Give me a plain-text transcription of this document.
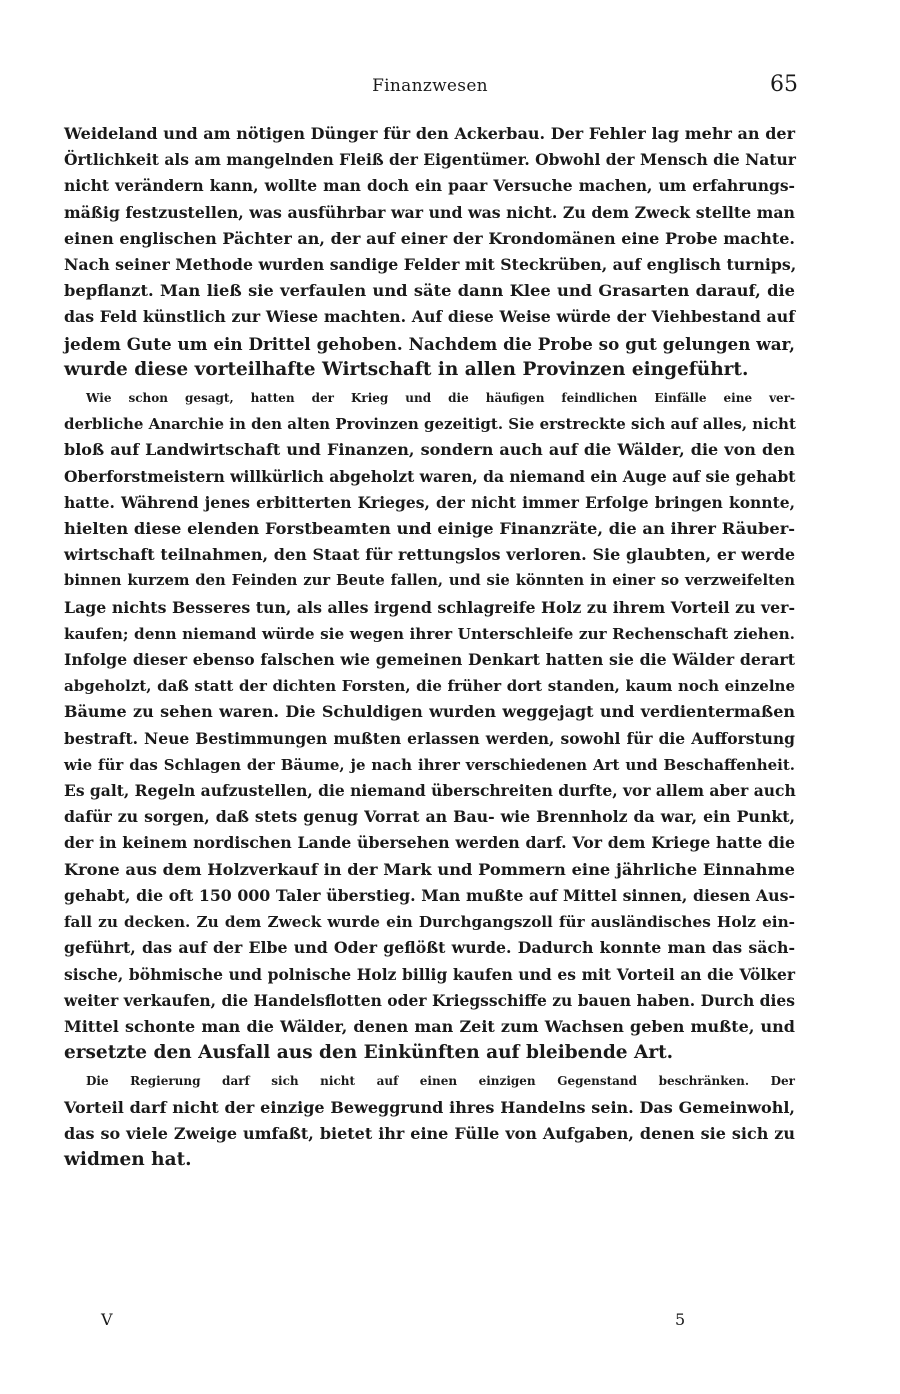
Finanzwesen	65
Weideland und am nötigen Dünger für den Ackerbau. Der Fehler lag mehr an der
Örtlichkeit als am mangelnden Fleiß der Eigentümer. Obwohl der Mensch die Natur
nicht verändern kann, wollte man doch ein paar Versuche machen, um erfahrungs-
mäßig festzustellen, was ausführbar war und was nicht. Zu dem Zweck stellte man
einen englischen Pächter an, der auf einer der Krondomänen eine Probe machte.
Nach seiner Methode wurden sandige Felder mit Steckrüben, auf englisch turnips,
bepflanzt. Man ließ sie verfaulen und säte dann Klee und Grasarten darauf, die
das Feld künstlich zur Wiese machten. Auf diese Weise würde der Viehbestand auf
jedem Gute um ein Drittel gehoben. Nachdem die Probe so gut gelungen war,
wurde diese vorteilhafte Wirtschaft in allen Provinzen eingeführt.
Wie schon gesagt, hatten der Krieg und die häufigen feindlichen Einfälle eine ver-
derbliche Anarchie in den alten Provinzen gezeitigt. Sie erstreckte sich auf alles, nicht
bloß auf Landwirtschaft und Finanzen, sondern auch auf die Wälder, die von den
Oberforstmeistern willkürlich abgeholzt waren, da niemand ein Auge auf sie gehabt
hatte. Während jenes erbitterten Krieges, der nicht immer Erfolge bringen konnte,
hielten diese elenden Forstbeamten und einige Finanzräte, die an ihrer Räuber-
wirtschaft teilnahmen, den Staat für rettungslos verloren. Sie glaubten, er werde
binnen kurzem den Feinden zur Beute fallen, und sie könnten in einer so verzweifelten
Lage nichts Besseres tun, als alles irgend schlagreife Holz zu ihrem Vorteil zu ver-
kaufen; denn niemand würde sie wegen ihrer Unterschleife zur Rechenschaft ziehen.
Infolge dieser ebenso falschen wie gemeinen Denkart hatten sie die Wälder derart
abgeholzt, daß statt der dichten Forsten, die früher dort standen, kaum noch einzelne
Bäume zu sehen waren. Die Schuldigen wurden weggejagt und verdientermaßen
bestraft. Neue Bestimmungen mußten erlassen werden, sowohl für die Aufforstung
wie für das Schlagen der Bäume, je nach ihrer verschiedenen Art und Beschaffenheit.
Es galt, Regeln aufzustellen, die niemand überschreiten durfte, vor allem aber auch
dafür zu sorgen, daß stets genug Vorrat an Bau- wie Brennholz da war, ein Punkt,
der in keinem nordischen Lande übersehen werden darf. Vor dem Kriege hatte die
Krone aus dem Holzverkauf in der Mark und Pommern eine jährliche Einnahme
gehabt, die oft 150 000 Taler überstieg. Man mußte auf Mittel sinnen, diesen Aus-
fall zu decken. Zu dem Zweck wurde ein Durchgangszoll für ausländisches Holz ein-
geführt, das auf der Elbe und Oder geflößt wurde. Dadurch konnte man das säch-
sische, böhmische und polnische Holz billig kaufen und es mit Vorteil an die Völker
weiter verkaufen, die Handelsflotten oder Kriegsschiffe zu bauen haben. Durch dies
Mittel schonte man die Wälder, denen man Zeit zum Wachsen geben mußte, und
ersetzte den Ausfall aus den Einkünften auf bleibende Art.
Die Regierung darf sich nicht auf einen einzigen Gegenstand beschränken. Der
Vorteil darf nicht der einzige Beweggrund ihres Handelns sein. Das Gemeinwohl,
das so viele Zweige umfaßt, bietet ihr eine Fülle von Aufgaben, denen sie sich zu
widmen hat.
V	5
